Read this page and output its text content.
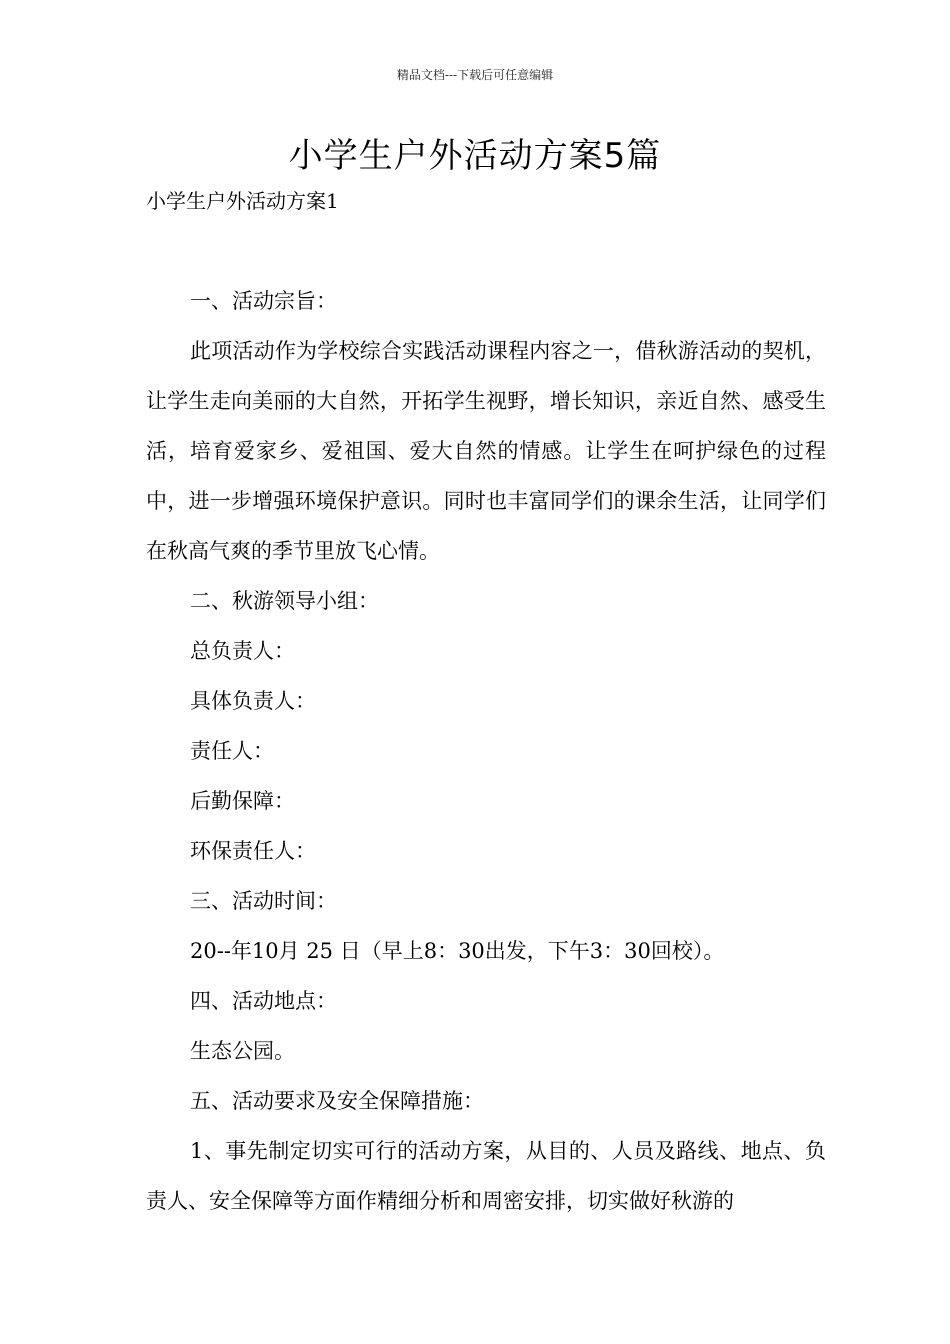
精品文档---下载后可任意编辑
小学生户外活动方案5篇
小学生户外活动方案1

一、活动宗旨：

此项活动作为学校综合实践活动课程内容之一，借秋游活动的契机，让学生走向美丽的大自然，开拓学生视野，增长知识，亲近自然、感受生活，培育爱家乡、爱祖国、爱大自然的情感。让学生在呵护绿色的过程中，进一步增强环境保护意识。同时也丰富同学们的课余生活，让同学们在秋高气爽的季节里放飞心情。

二、秋游领导小组：

总负责人：

具体负责人：

责任人：

后勤保障：

环保责任人：

三、活动时间：

20--年10月 25 日（早上8：30出发，下午3：30回校）。

四、活动地点：

生态公园。

五、活动要求及安全保障措施：

1、事先制定切实可行的活动方案，从目的、人员及路线、地点、负责人、安全保障等方面作精细分析和周密安排，切实做好秋游的
